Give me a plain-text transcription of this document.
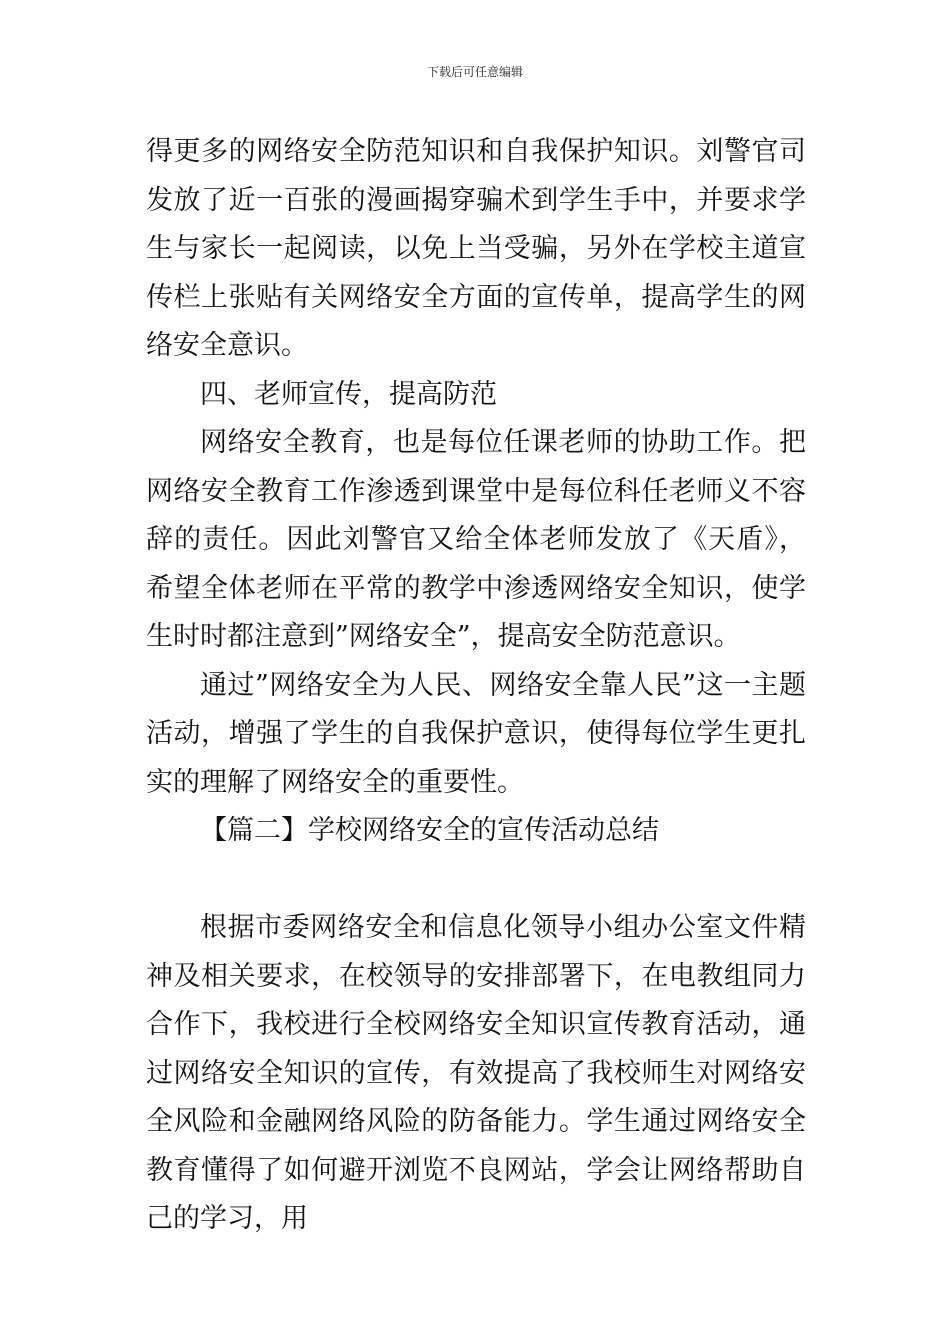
下载后可任意编辑

得更多的网络安全防范知识和自我保护知识。刘警官司发放了近一百张的漫画揭穿骗术到学生手中，并要求学生与家长一起阅读，以免上当受骗，另外在学校主道宣传栏上张贴有关网络安全方面的宣传单，提高学生的网络安全意识。

四、老师宣传，提高防范

网络安全教育，也是每位任课老师的协助工作。把网络安全教育工作渗透到课堂中是每位科任老师义不容辞的责任。因此刘警官又给全体老师发放了《天盾》，希望全体老师在平常的教学中渗透网络安全知识，使学生时时都注意到”网络安全”，提高安全防范意识。

通过”网络安全为人民、网络安全靠人民”这一主题活动，增强了学生的自我保护意识，使得每位学生更扎实的理解了网络安全的重要性。

【篇二】学校网络安全的宣传活动总结

根据市委网络安全和信息化领导小组办公室文件精神及相关要求，在校领导的安排部署下，在电教组同力合作下，我校进行全校网络安全知识宣传教育活动，通过网络安全知识的宣传，有效提高了我校师生对网络安全风险和金融网络风险的防备能力。学生通过网络安全教育懂得了如何避开浏览不良网站，学会让网络帮助自己的学习，用
